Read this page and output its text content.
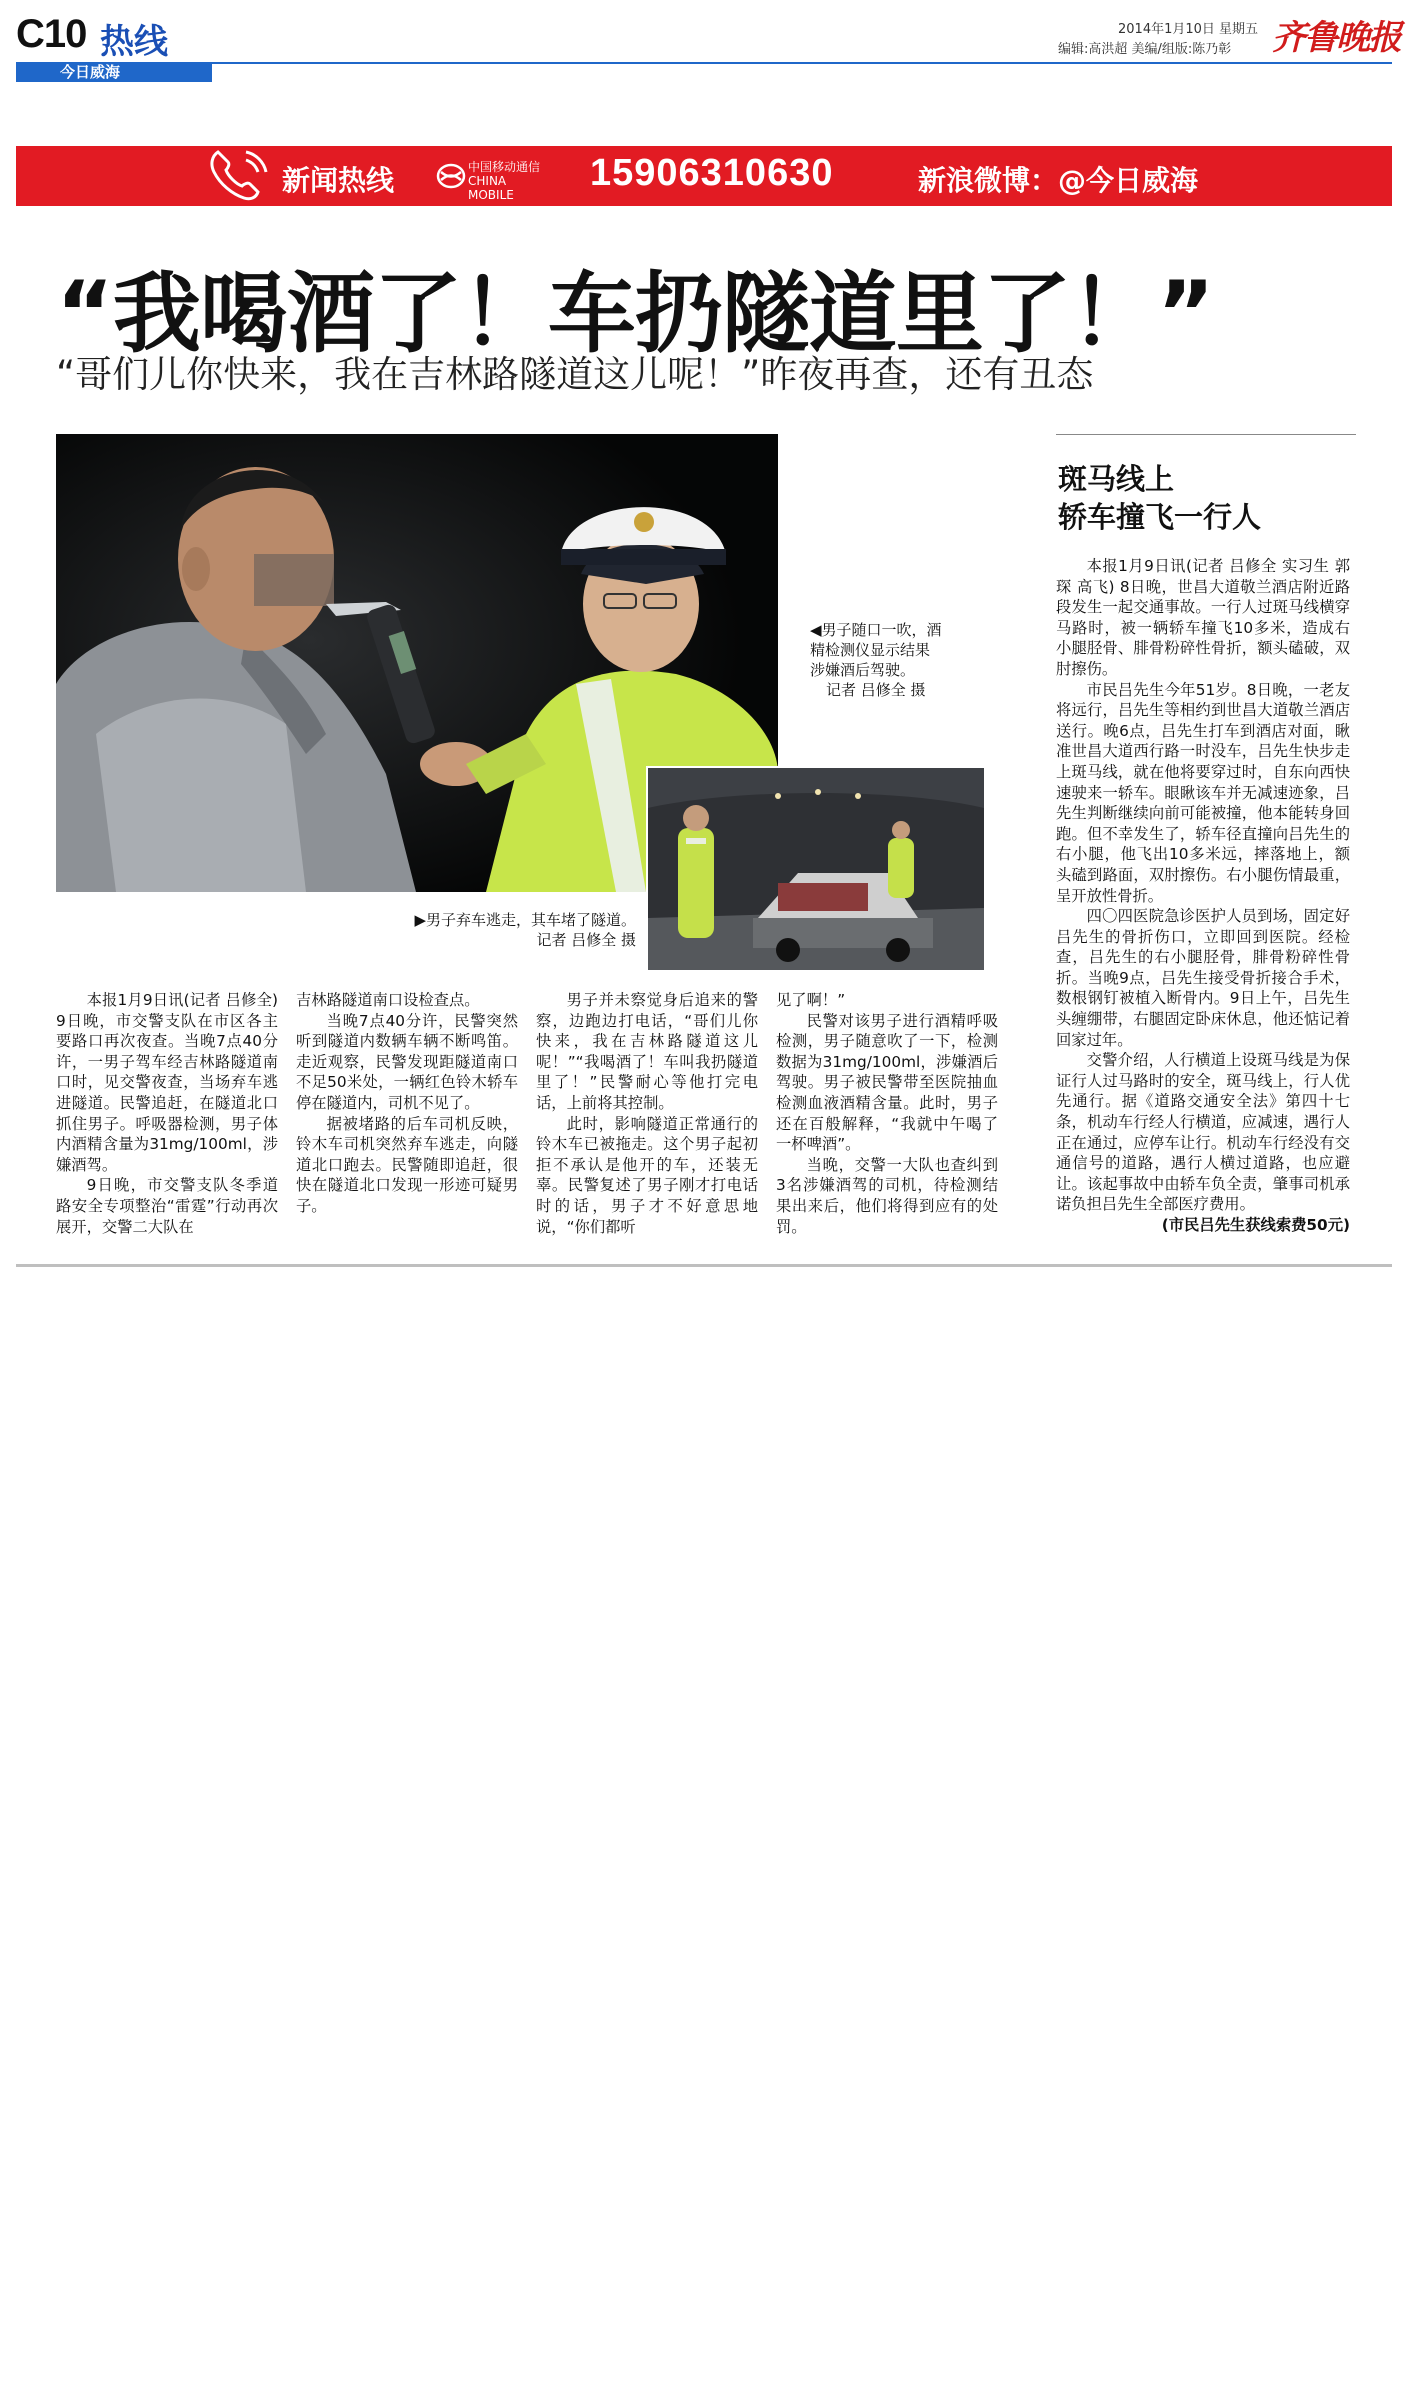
C10 热线
今日威海
2014年1月10日 星期五
编辑:高洪超 美编/组版:陈乃彰 齐鲁晚报
新闻热线	中国移动通信 CHINA MOBILE
15906310630	新浪微博：@今日威海
“我喝酒了！车扔隧道里了！”
“哥们儿你快来，我在吉林路隧道这儿呢！”昨夜再查，还有丑态
◀男子随口一吹，酒
精检测仪显示结果
涉嫌酒后驾驶。
记者 吕修全 摄
▶男子弃车逃走，其车堵了隧道。
记者 吕修全 摄

本报1月9日讯(记者 吕修全) 9日晚，市交警支队在市区各主要路口再次夜查。当晚7点40分许，一男子驾车经吉林路隧道南口时，见交警夜查，当场弃车逃进隧道。民警追赶，在隧道北口抓住男子。呼吸器检测，男子体内酒精含量为31mg/100ml，涉嫌酒驾。

9日晚，市交警支队冬季道路安全专项整治“雷霆”行动再次展开，交警二大队在

吉林路隧道南口设检查点。

当晚7点40分许，民警突然听到隧道内数辆车辆不断鸣笛。走近观察，民警发现距隧道南口不足50米处，一辆红色铃木轿车停在隧道内，司机不见了。

据被堵路的后车司机反映，铃木车司机突然弃车逃走，向隧道北口跑去。民警随即追赶，很快在隧道北口发现一形迹可疑男子。

男子并未察觉身后追来的警察，边跑边打电话，“哥们儿你快来，我在吉林路隧道这儿呢！”“我喝酒了！车叫我扔隧道里了！”民警耐心等他打完电话，上前将其控制。

此时，影响隧道正常通行的铃木车已被拖走。这个男子起初拒不承认是他开的车，还装无辜。民警复述了男子刚才打电话时的话，男子才不好意思地说，“你们都听

见了啊！”

民警对该男子进行酒精呼吸检测，男子随意吹了一下，检测数据为31mg/100ml，涉嫌酒后驾驶。男子被民警带至医院抽血检测血液酒精含量。此时，男子还在百般解释，“我就中午喝了一杯啤酒”。

当晚，交警一大队也查纠到3名涉嫌酒驾的司机，待检测结果出来后，他们将得到应有的处罚。

斑马线上
轿车撞飞一行人

本报1月9日讯(记者 吕修全 实习生 郭琛 高飞) 8日晚，世昌大道敬兰酒店附近路段发生一起交通事故。一行人过斑马线横穿马路时，被一辆轿车撞飞10多米，造成右小腿胫骨、腓骨粉碎性骨折，额头磕破，双肘擦伤。

市民吕先生今年51岁。8日晚，一老友将远行，吕先生等相约到世昌大道敬兰酒店送行。晚6点，吕先生打车到酒店对面，瞅准世昌大道西行路一时没车，吕先生快步走上斑马线，就在他将要穿过时，自东向西快速驶来一轿车。眼瞅该车并无减速迹象，吕先生判断继续向前可能被撞，他本能转身回跑。但不幸发生了，轿车径直撞向吕先生的右小腿，他飞出10多米远，摔落地上，额头磕到路面，双肘擦伤。右小腿伤情最重，呈开放性骨折。

四〇四医院急诊医护人员到场，固定好吕先生的骨折伤口，立即回到医院。经检查，吕先生的右小腿胫骨，腓骨粉碎性骨折。当晚9点，吕先生接受骨折接合手术，数根钢钉被植入断骨内。9日上午，吕先生头缠绷带，右腿固定卧床休息，他还惦记着回家过年。

交警介绍，人行横道上设斑马线是为保证行人过马路时的安全，斑马线上，行人优先通行。据《道路交通安全法》第四十七条，机动车行经人行横道，应减速，遇行人正在通过，应停车让行。机动车行经没有交通信号的道路，遇行人横过道路，也应避让。该起事故中由轿车负全责，肇事司机承诺负担吕先生全部医疗费用。

(市民吕先生获线索费50元)
